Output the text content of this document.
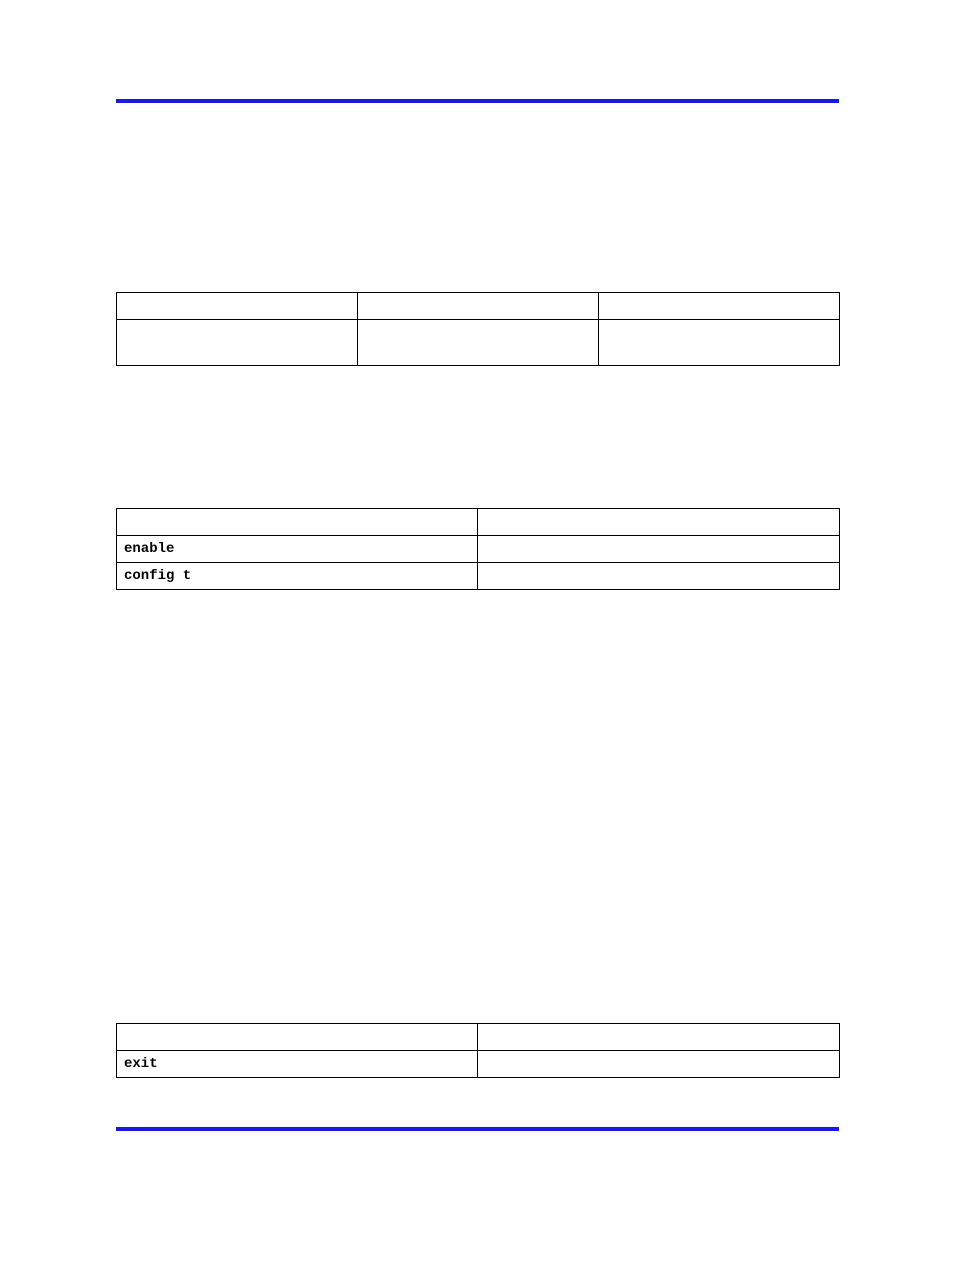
enable	
config t	

exit	
